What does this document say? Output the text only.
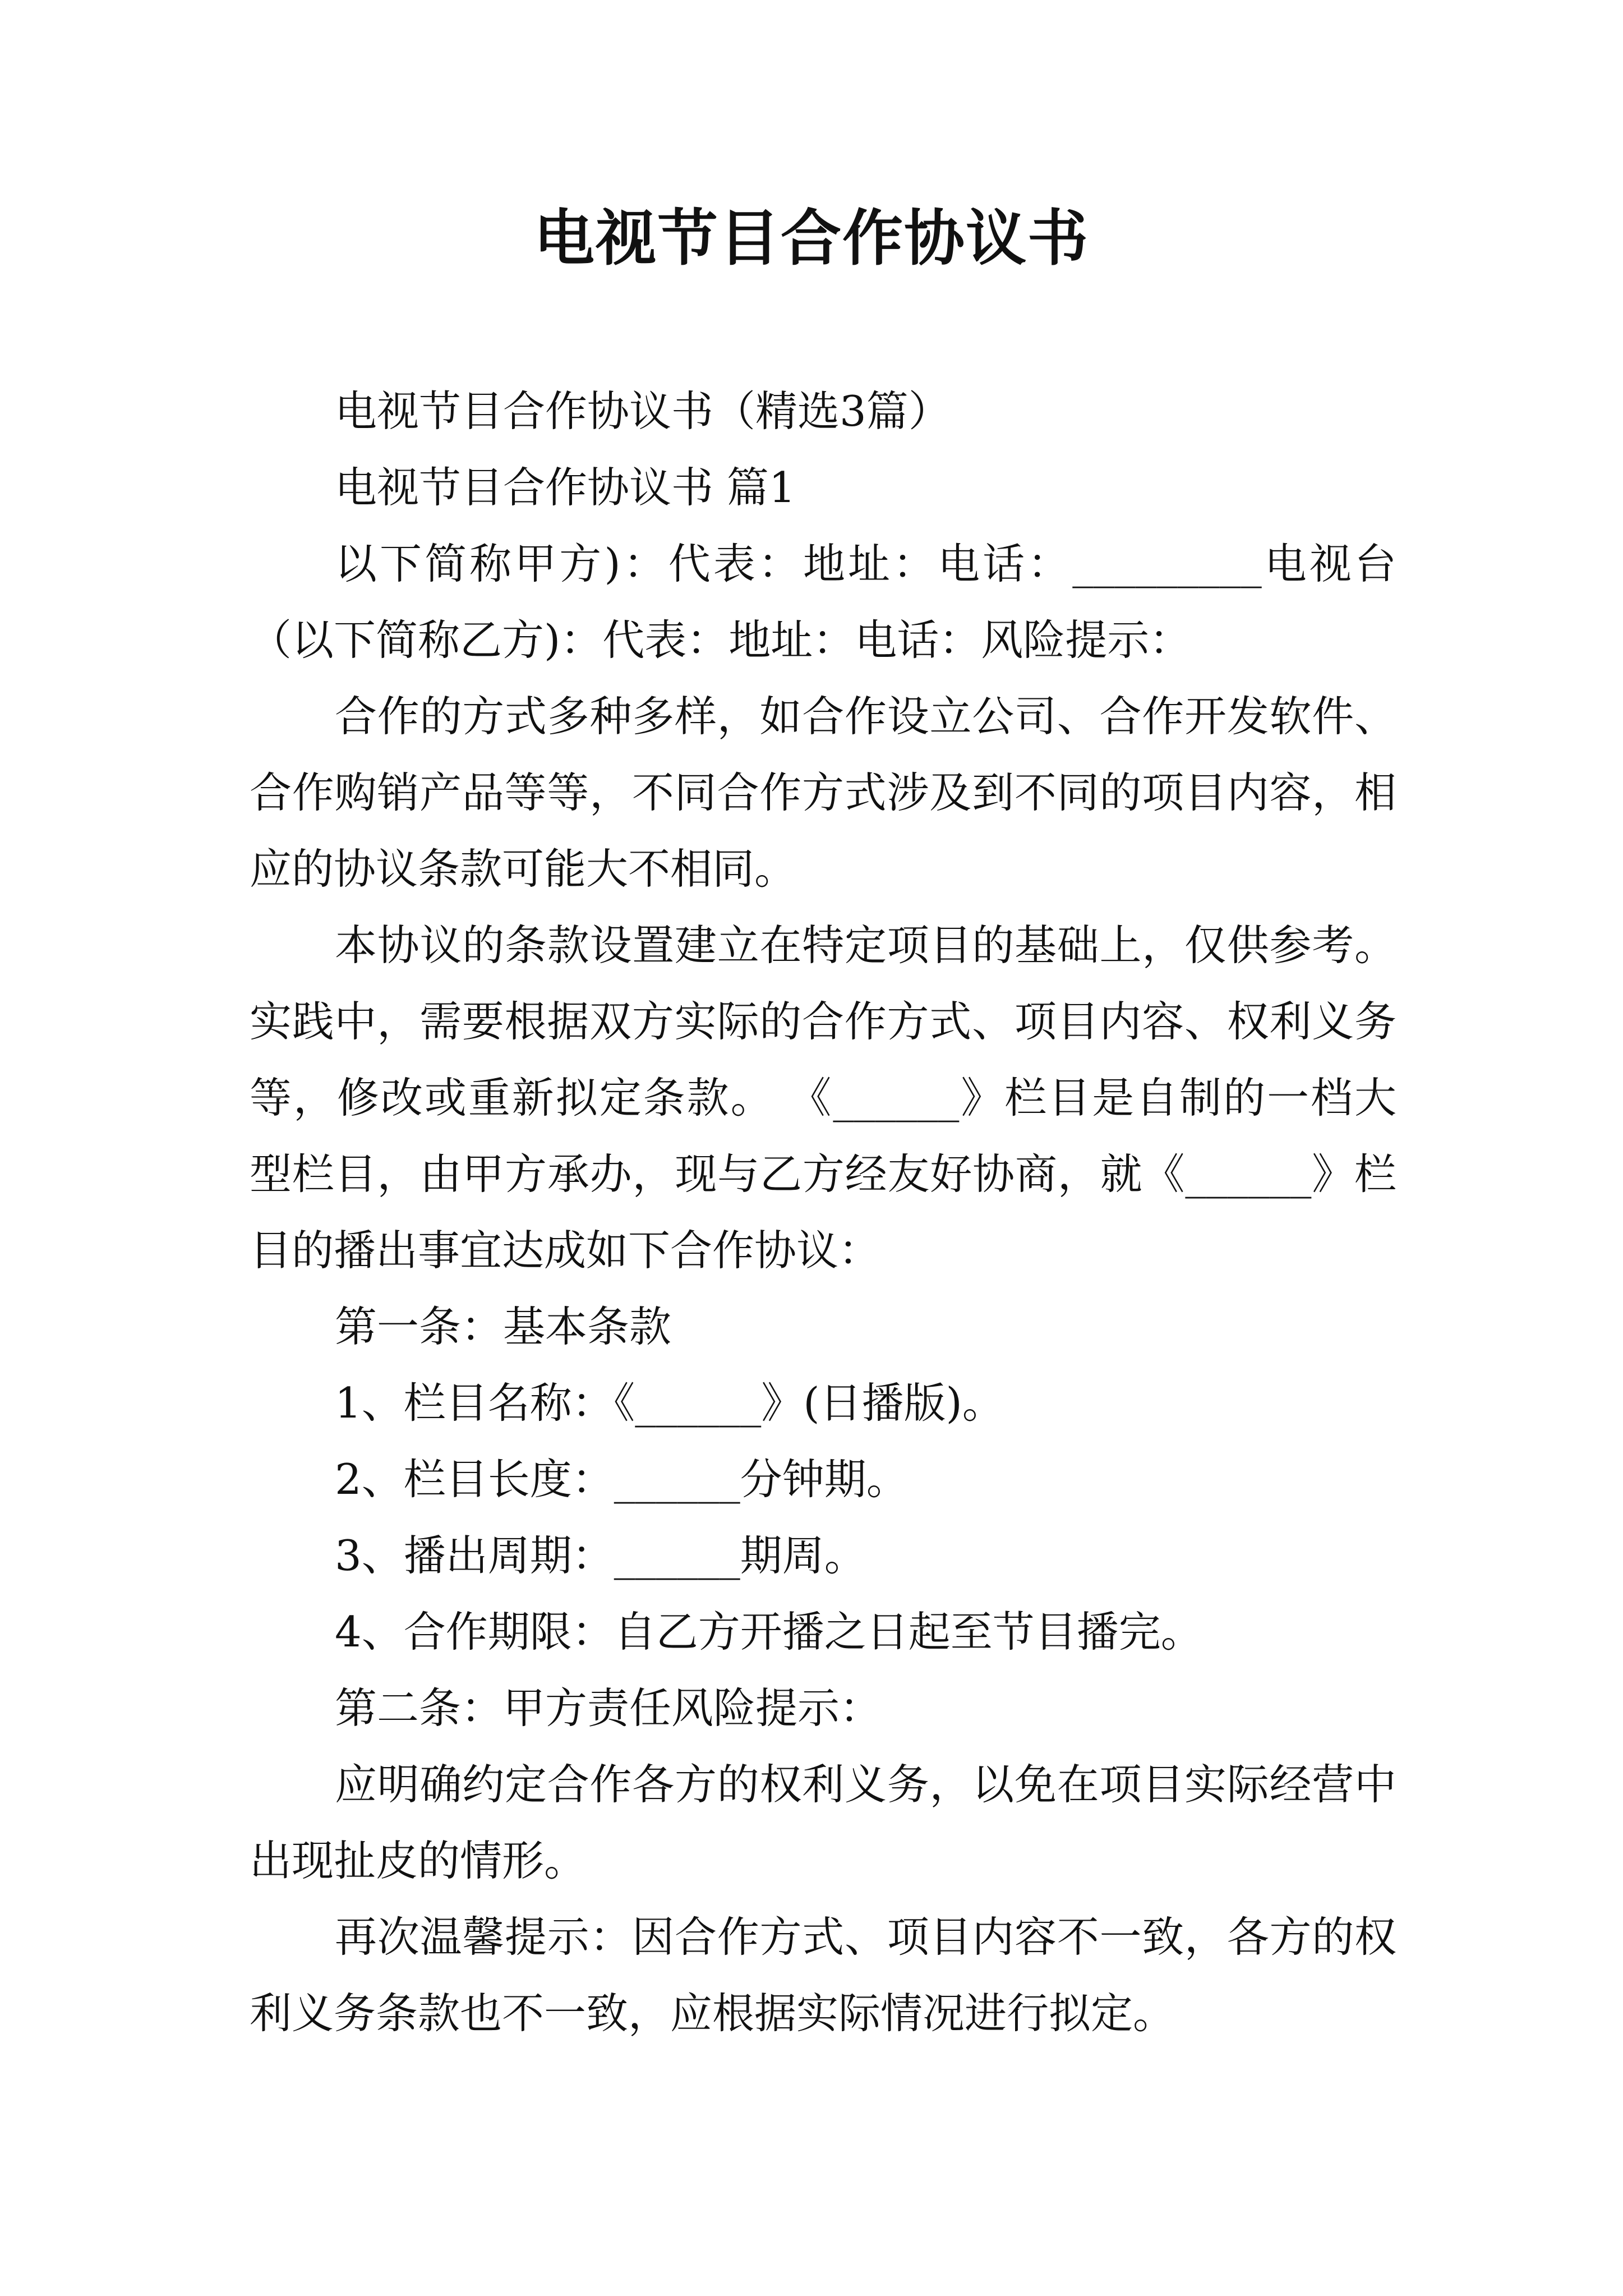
电视节目合作协议书

电视节目合作协议书（精选3篇）

电视节目合作协议书 篇1

以下简称甲方)：代表：地址：电话：_________电视台（以下简称乙方)：代表：地址：电话：风险提示：

合作的方式多种多样，如合作设立公司、合作开发软件、合作购销产品等等，不同合作方式涉及到不同的项目内容，相应的协议条款可能大不相同。

本协议的条款设置建立在特定项目的基础上，仅供参考。实践中，需要根据双方实际的合作方式、项目内容、权利义务等，修改或重新拟定条款。 《______》栏目是自制的一档大型栏目，由甲方承办，现与乙方经友好协商，就《______》栏目的播出事宜达成如下合作协议：

第一条：基本条款

1、栏目名称：《______》(日播版)。

2、栏目长度：______分钟期。

3、播出周期：______期周。

4、合作期限：自乙方开播之日起至节目播完。

第二条：甲方责任风险提示：

应明确约定合作各方的权利义务，以免在项目实际经营中出现扯皮的情形。

再次温馨提示：因合作方式、项目内容不一致，各方的权利义务条款也不一致，应根据实际情况进行拟定。
